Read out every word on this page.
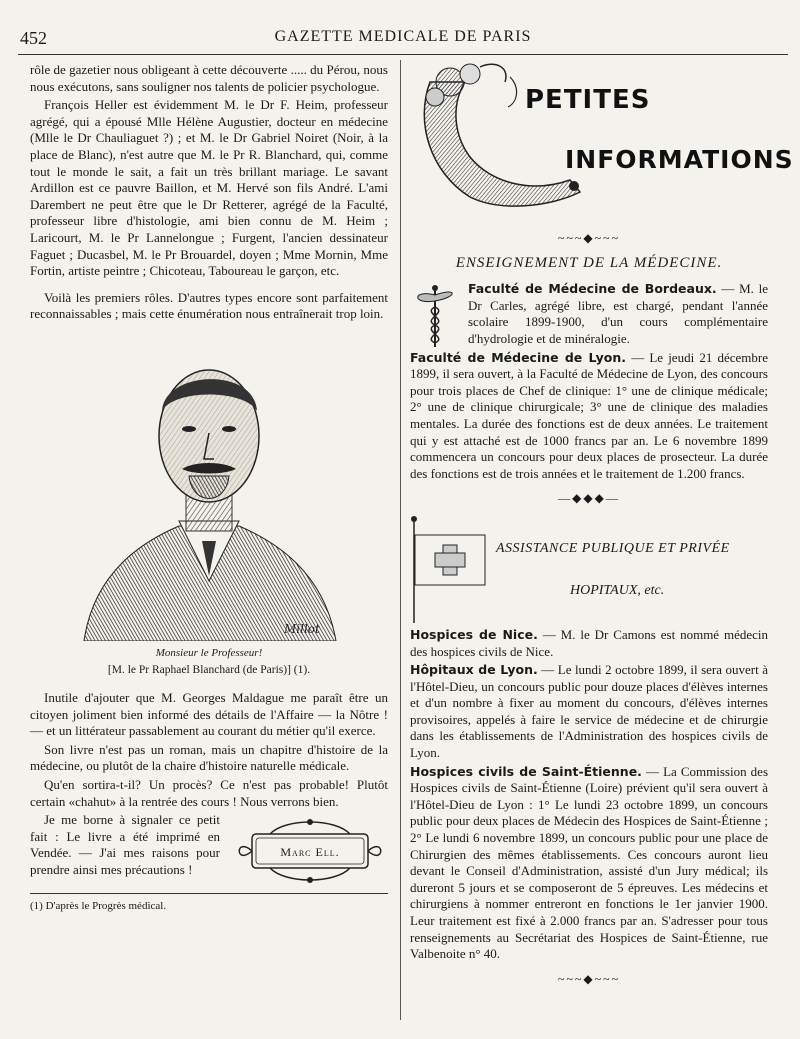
452	GAZETTE MEDICALE DE PARIS

rôle de gazetier nous obligeant à cette découverte ..... du Pérou, nous nous exécutons, sans souligner nos talents de policier psychologue.

François Heller est évidemment M. le Dr F. Heim, professeur agrégé, qui a épousé Mlle Hélène Augustier, docteur en médecine (Mlle le Dr Chauliaguet ?) ; et M. le Dr Gabriel Noiret (Noir, à la place de Blanc), n'est autre que M. le Pr R. Blanchard, qui, comme tout le monde le sait, a fait un très brillant mariage. Le savant Ardillon est ce pauvre Baillon, et M. Hervé son fils André. L'ami Darembert ne peut être que le Dr Retterer, agrégé de la Faculté, professeur libre d'histologie, ami bien connu de M. Heim ; Laricourt, M. le Pr Lannelongue ; Furgent, l'ancien dessinateur Faguet ; Ducasbel, M. le Pr Brouardel, doyen ; Mme Mornin, Mme Fortin, artiste peintre ; Chicoteau, Taboureau le garçon, etc.

Voilà les premiers rôles. D'autres types encore sont parfaitement reconnaissables ; mais cette énumération nous entraînerait trop loin.

Millot
Monsieur le Professeur!
[M. le Pr Raphael Blanchard (de Paris)] (1).

Inutile d'ajouter que M. Georges Maldague me paraît être un citoyen joliment bien informé des détails de l'Affaire — la Nôtre ! — et un littérateur passablement au courant du métier qu'il exerce.

Son livre n'est pas un roman, mais un chapitre d'histoire de la médecine, ou plutôt de la chaire d'histoire naturelle médicale.

Qu'en sortira-t-il? Un procès? Ce n'est pas probable! Plutôt certain «chahut» à la rentrée des cours ! Nous verrons bien.

Je me borne à signaler ce petit fait : Le livre a été imprimé en Vendée. — J'ai mes raisons pour prendre ainsi mes précautions !

Marc Ell.

(1) D'après le Progrès médical.

PETITES
INFORMATIONS
~~~◆~~~
ENSEIGNEMENT DE LA MÉDECINE.

Faculté de Médecine de Bordeaux. — M. le Dr Carles, agrégé libre, est chargé, pendant l'année scolaire 1899-1900, d'un cours complémentaire d'hydrologie et de minéralogie.

Faculté de Médecine de Lyon. — Le jeudi 21 décembre 1899, il sera ouvert, à la Faculté de Médecine de Lyon, des concours pour trois places de Chef de clinique: 1° une de clinique médicale; 2° une de clinique chirurgicale; 3° une de clinique des maladies mentales. La durée des fonctions est de deux années. Le traitement qui y est attaché est de 1000 francs par an. Le 6 novembre 1899 commencera un concours pour deux places de prosecteur. La durée des fonctions est de trois années et le traitement de 1.200 francs.

—◆◆◆—
ASSISTANCE PUBLIQUE ET PRIVÉE
HOPITAUX, etc.

Hospices de Nice. — M. le Dr Camons est nommé médecin des hospices civils de Nice.

Hôpitaux de Lyon. — Le lundi 2 octobre 1899, il sera ouvert à l'Hôtel-Dieu, un concours public pour douze places d'élèves internes et d'un nombre à fixer au moment du concours, d'élèves internes provisoires, appelés à faire le service de médecine et de chirurgie dans les établissements de l'Administration des hospices civils de Lyon.

Hospices civils de Saint-Étienne. — La Commission des Hospices civils de Saint-Étienne (Loire) prévient qu'il sera ouvert à l'Hôtel-Dieu de Lyon : 1° Le lundi 23 octobre 1899, un concours public pour deux places de Médecin des Hospices de Saint-Étienne ; 2° Le lundi 6 novembre 1899, un concours public pour une place de Chirurgien des mêmes établissements. Ces concours auront lieu devant le Conseil d'Administration, assisté d'un Jury médical; ils dureront 5 jours et se composeront de 5 épreuves. Les médecins et chirurgiens à nommer entreront en fonctions le 1er janvier 1900. Leur traitement est fixé à 2.000 francs par an. S'adresser pour tous renseignements au Secrétariat des Hospices de Saint-Étienne, rue Valbenoite n° 40.

~~~◆~~~
